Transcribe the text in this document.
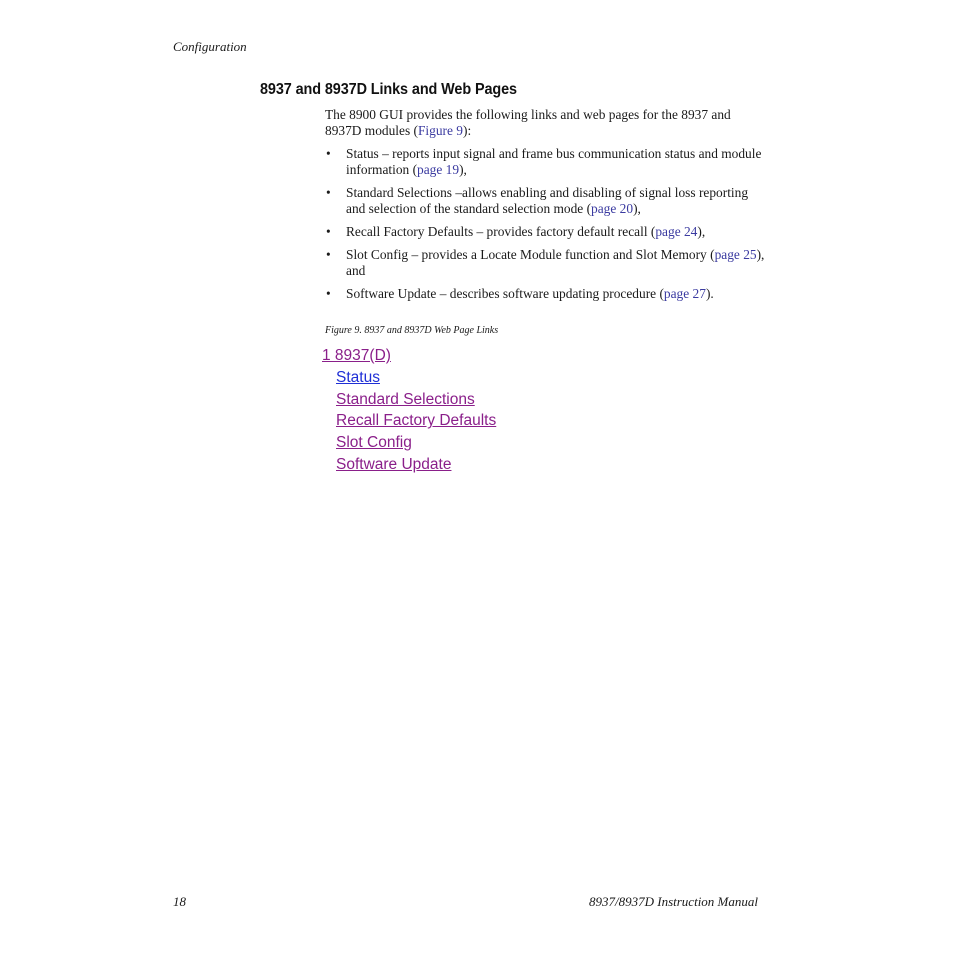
Configuration
8937 and 8937D Links and Web Pages

The 8900 GUI provides the following links and web pages for the 8937 and 8937D modules (Figure 9):

• Status – reports input signal and frame bus communication status and module information (page 19),
• Standard Selections –allows enabling and disabling of signal loss reporting and selection of the standard selection mode (page 20),
• Recall Factory Defaults – provides factory default recall (page 24),
• Slot Config – provides a Locate Module function and Slot Memory (page 25), and
• Software Update – describes software updating procedure (page 27).
Figure 9. 8937 and 8937D Web Page Links
1 8937(D)
Status
Standard Selections
Recall Factory Defaults
Slot Config
Software Update
18	8937/8937D Instruction Manual
